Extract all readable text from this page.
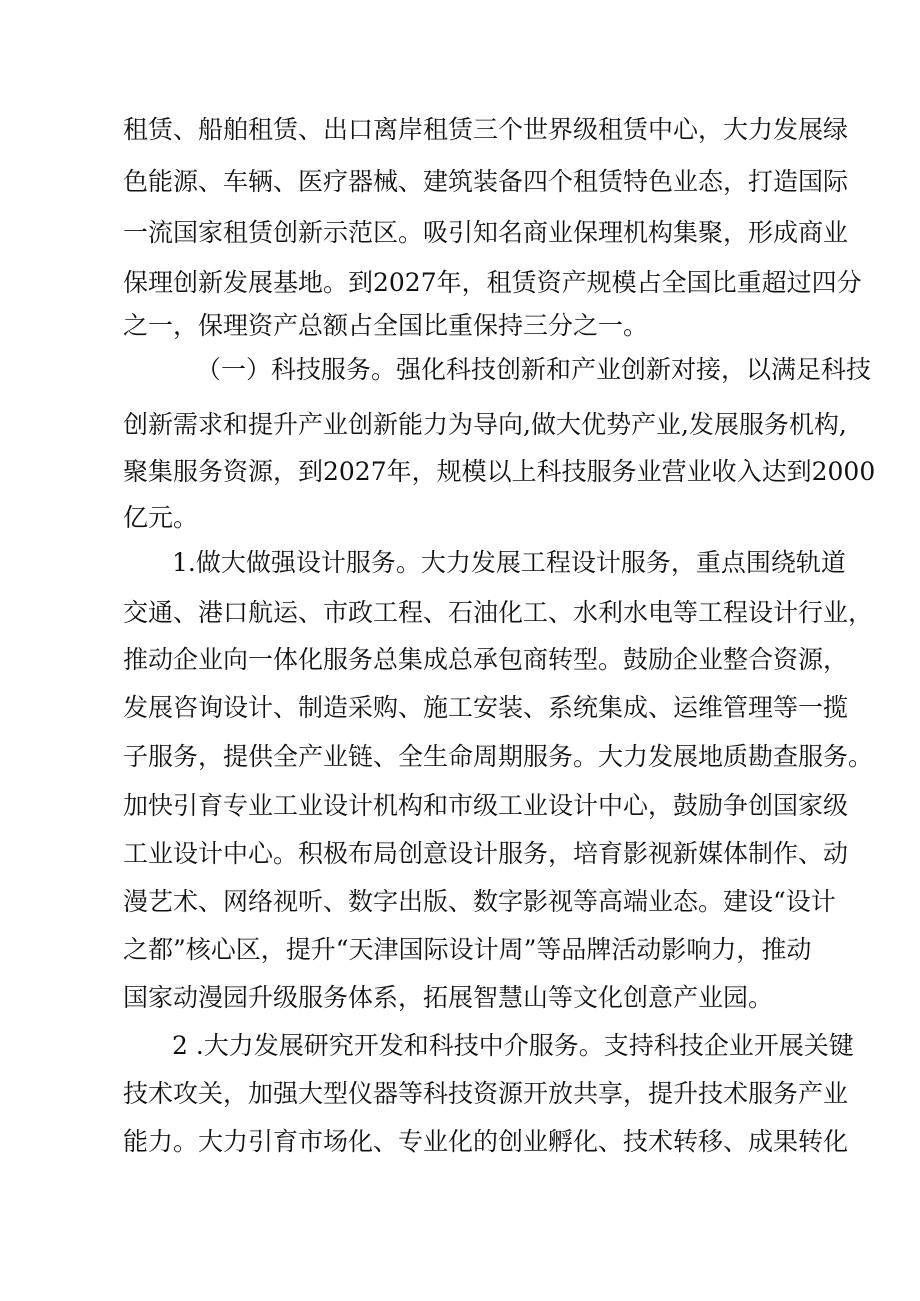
租赁、船舶租赁、出口离岸租赁三个世界级租赁中心，大力发展绿

色能源、车辆、医疗器械、建筑装备四个租赁特色业态，打造国际

一流国家租赁创新示范区。吸引知名商业保理机构集聚，形成商业

保理创新发展基地。到2027年，租赁资产规模占全国比重超过四分

之一，保理资产总额占全国比重保持三分之一。

（一）科技服务。强化科技创新和产业创新对接，以满足科技

创新需求和提升产业创新能力为导向,做大优势产业,发展服务机构,

聚集服务资源，到2027年，规模以上科技服务业营业收入达到2000

亿元。

1.做大做强设计服务。大力发展工程设计服务，重点围绕轨道

交通、港口航运、市政工程、石油化工、水利水电等工程设计行业，

推动企业向一体化服务总集成总承包商转型。鼓励企业整合资源，

发展咨询设计、制造采购、施工安装、系统集成、运维管理等一揽

子服务，提供全产业链、全生命周期服务。大力发展地质勘查服务。

加快引育专业工业设计机构和市级工业设计中心，鼓励争创国家级

工业设计中心。积极布局创意设计服务，培育影视新媒体制作、动

漫艺术、网络视听、数字出版、数字影视等高端业态。建设“设计

之都”核心区，提升“天津国际设计周”等品牌活动影响力，推动

国家动漫园升级服务体系，拓展智慧山等文化创意产业园。

2 .大力发展研究开发和科技中介服务。支持科技企业开展关键

技术攻关，加强大型仪器等科技资源开放共享，提升技术服务产业

能力。大力引育市场化、专业化的创业孵化、技术转移、成果转化
